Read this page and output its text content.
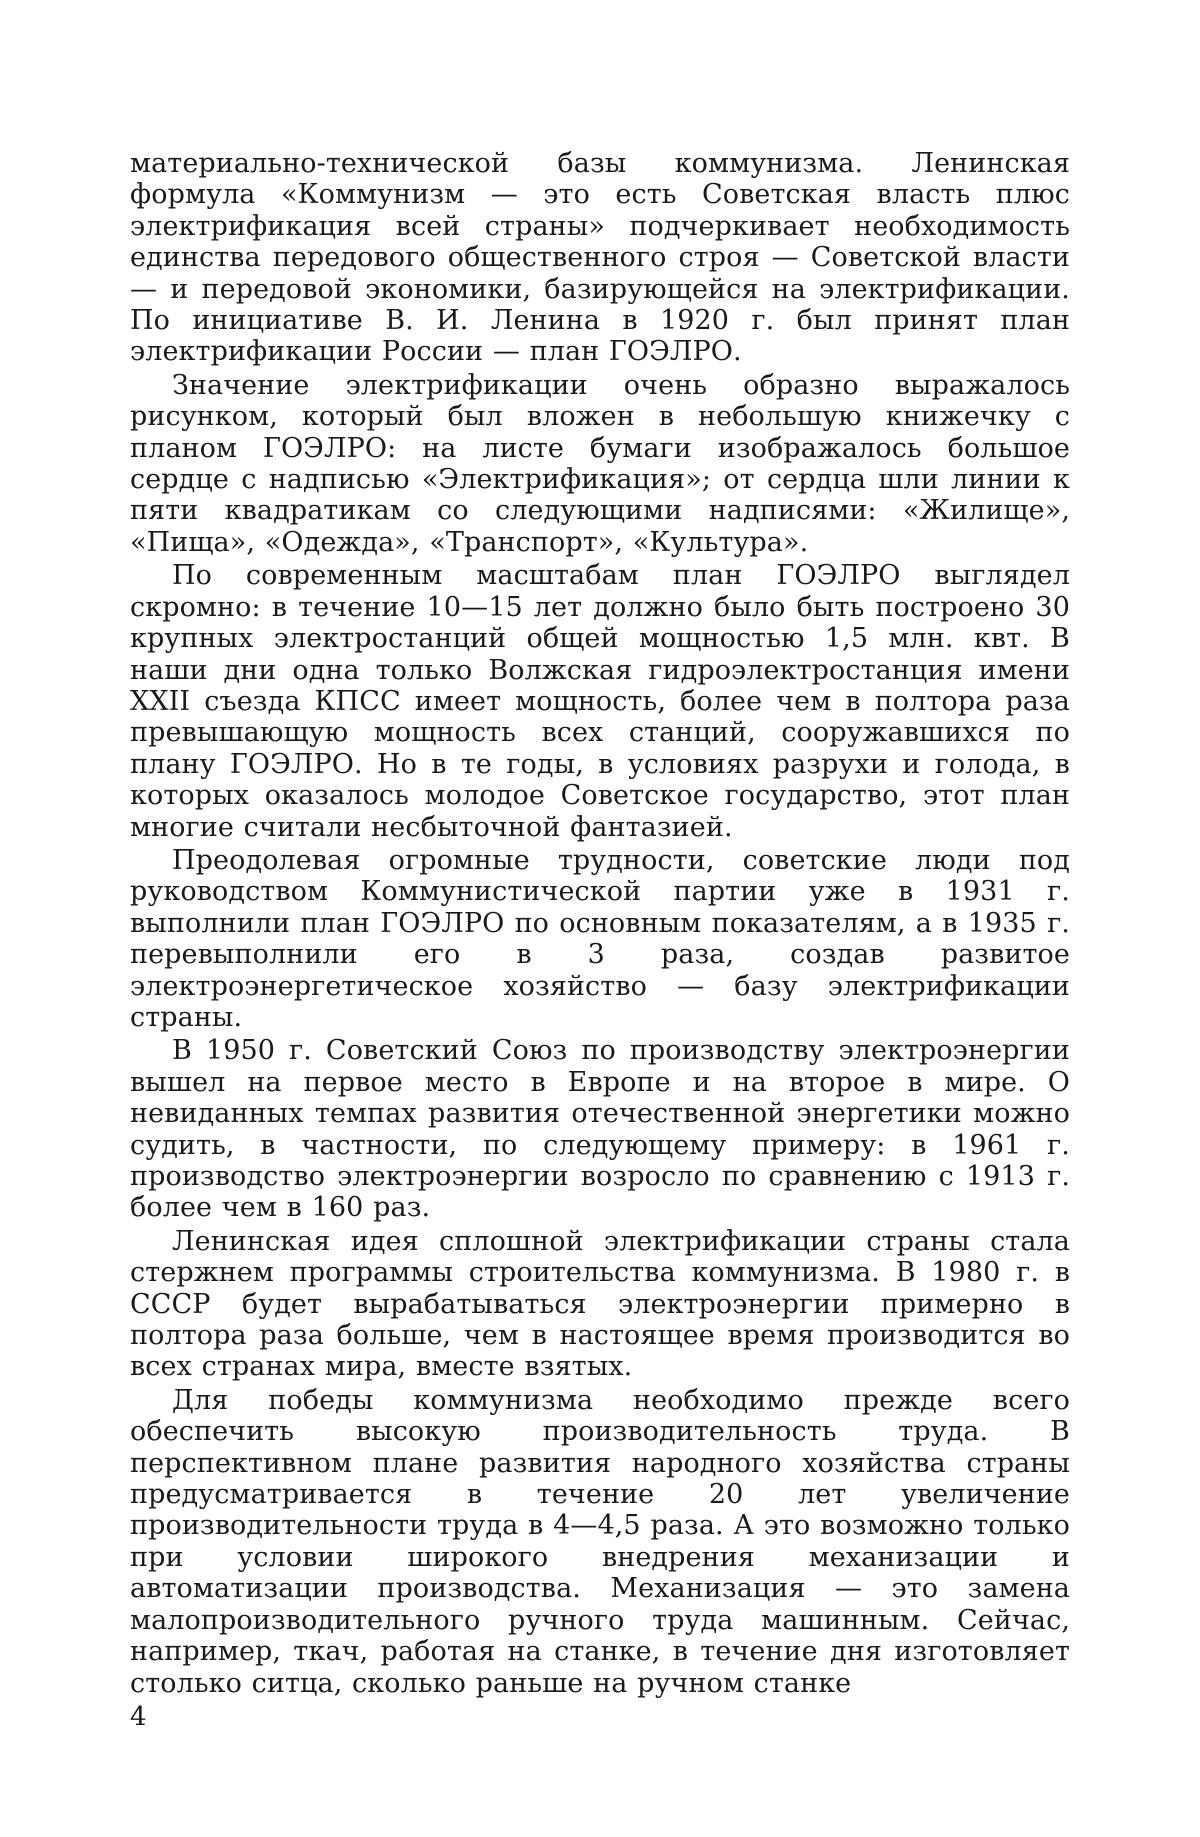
материально-технической базы коммунизма. Ленинская формула «Коммунизм — это есть Советская власть плюс электрификация всей страны» подчеркивает необходимость единства передового общественного строя — Советской власти — и передовой экономики, базирующейся на электрификации. По инициативе В. И. Ленина в 1920 г. был принят план электрификации России — план ГОЭЛРО.

Значение электрификации очень образно выражалось рисунком, который был вложен в небольшую книжечку с планом ГОЭЛРО: на листе бумаги изображалось большое сердце с надписью «Электрификация»; от сердца шли линии к пяти квадратикам со следующими надписями: «Жилище», «Пища», «Одежда», «Транспорт», «Культура».

По современным масштабам план ГОЭЛРО выглядел скромно: в течение 10—15 лет должно было быть построено 30 крупных электростанций общей мощностью 1,5 млн. квт. В наши дни одна только Волжская гидроэлектростанция имени XXII съезда КПСС имеет мощность, более чем в полтора раза превышающую мощность всех станций, сооружавшихся по плану ГОЭЛРО. Но в те годы, в условиях разрухи и голода, в которых оказалось молодое Советское государство, этот план многие считали несбыточной фантазией.

Преодолевая огромные трудности, советские люди под руководством Коммунистической партии уже в 1931 г. выполнили план ГОЭЛРО по основным показателям, а в 1935 г. перевыполнили его в 3 раза, создав развитое электроэнергетическое хозяйство — базу электрификации страны.

В 1950 г. Советский Союз по производству электроэнергии вышел на первое место в Европе и на второе в мире. О невиданных темпах развития отечественной энергетики можно судить, в частности, по следующему примеру: в 1961 г. производство электроэнергии возросло по сравнению с 1913 г. более чем в 160 раз.

Ленинская идея сплошной электрификации страны стала стержнем программы строительства коммунизма. В 1980 г. в СССР будет вырабатываться электроэнергии примерно в полтора раза больше, чем в настоящее время производится во всех странах мира, вместе взятых.

Для победы коммунизма необходимо прежде всего обеспечить высокую производительность труда. В перспективном плане развития народного хозяйства страны предусматривается в течение 20 лет увеличение производительности труда в 4—4,5 раза. А это возможно только при условии широкого внедрения механизации и автоматизации производства. Механизация — это замена малопроизводительного ручного труда машинным. Сейчас, например, ткач, работая на станке, в течение дня изготовляет столько ситца, сколько раньше на ручном станке

4
